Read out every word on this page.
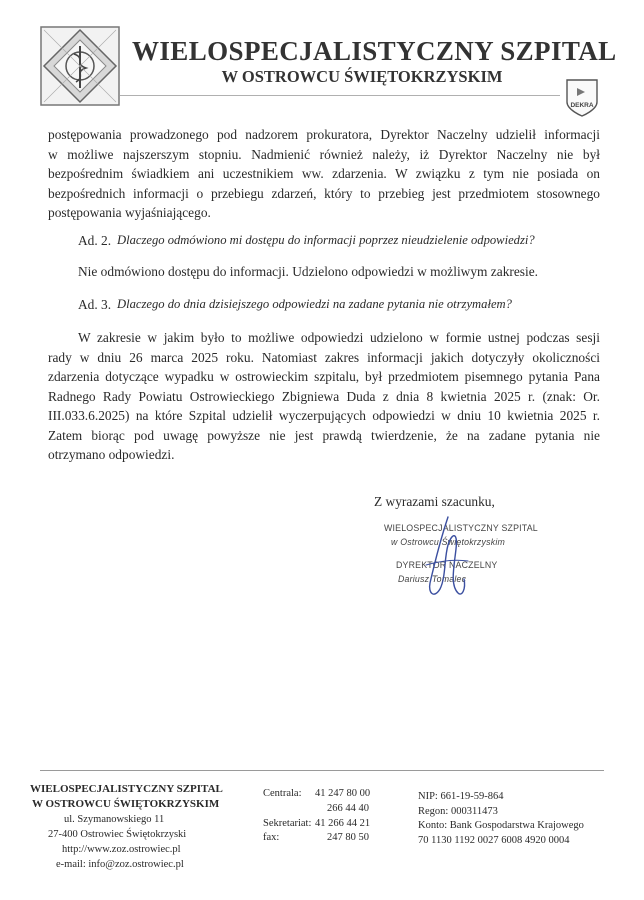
WIELOSPECJALISTYCZNY SZPITAL
W OSTROWCU ŚWIĘTOKRZYSKIM
DEKRA
postępowania prowadzonego pod nadzorem prokuratora, Dyrektor Naczelny udzielił informacji
w możliwe najszerszym stopniu. Nadmienić również należy, iż Dyrektor Naczelny nie był
bezpośrednim świadkiem ani uczestnikiem ww. zdarzenia. W związku z tym nie posiada on
bezpośrednich informacji o przebiegu zdarzeń, który to przebieg jest przedmiotem stosownego
postępowania wyjaśniającego.
Ad. 2. Dlaczego odmówiono mi dostępu do informacji poprzez nieudzielenie odpowiedzi?
Nie odmówiono dostępu do informacji. Udzielono odpowiedzi w możliwym zakresie.
Ad. 3. Dlaczego do dnia dzisiejszego odpowiedzi na zadane pytania nie otrzymałem?
W zakresie w jakim było to możliwe odpowiedzi udzielono w formie ustnej podczas sesji
rady w dniu 26 marca 2025 roku. Natomiast zakres informacji jakich dotyczyły okoliczności
zdarzenia dotyczące wypadku w ostrowieckim szpitalu, był przedmiotem pisemnego pytania Pana
Radnego Rady Powiatu Ostrowieckiego Zbigniewa Duda z dnia 8 kwietnia 2025 r. (znak: Or.
III.033.6.2025) na które Szpital udzielił wyczerpujących odpowiedzi w dniu 10 kwietnia 2025 r.
Zatem biorąc pod uwagę powyższe nie jest prawdą twierdzenie, że na zadane pytania nie
otrzymano odpowiedzi.
Z wyrazami szacunku,
WIELOSPECJALISTYCZNY SZPITAL
w Ostrowcu Świętokrzyskim
DYREKTOR NACZELNY
Dariusz Tomalec
WIELOSPECJALISTYCZNY SZPITAL
W OSTROWCU ŚWIĘTOKRZYSKIM
ul. Szymanowskiego 11
27-400 Ostrowiec Świętokrzyski
http://www.zoz.ostrowiec.pl
e-mail: info@zoz.ostrowiec.pl
Centrala: 41 247 80 00
266 44 40
Sekretariat: 41 266 44 21
fax:	247 80 50
NIP: 661-19-59-864
Regon: 000311473
Konto: Bank Gospodarstwa Krajowego
70 1130 1192 0027 6008 4920 0004
